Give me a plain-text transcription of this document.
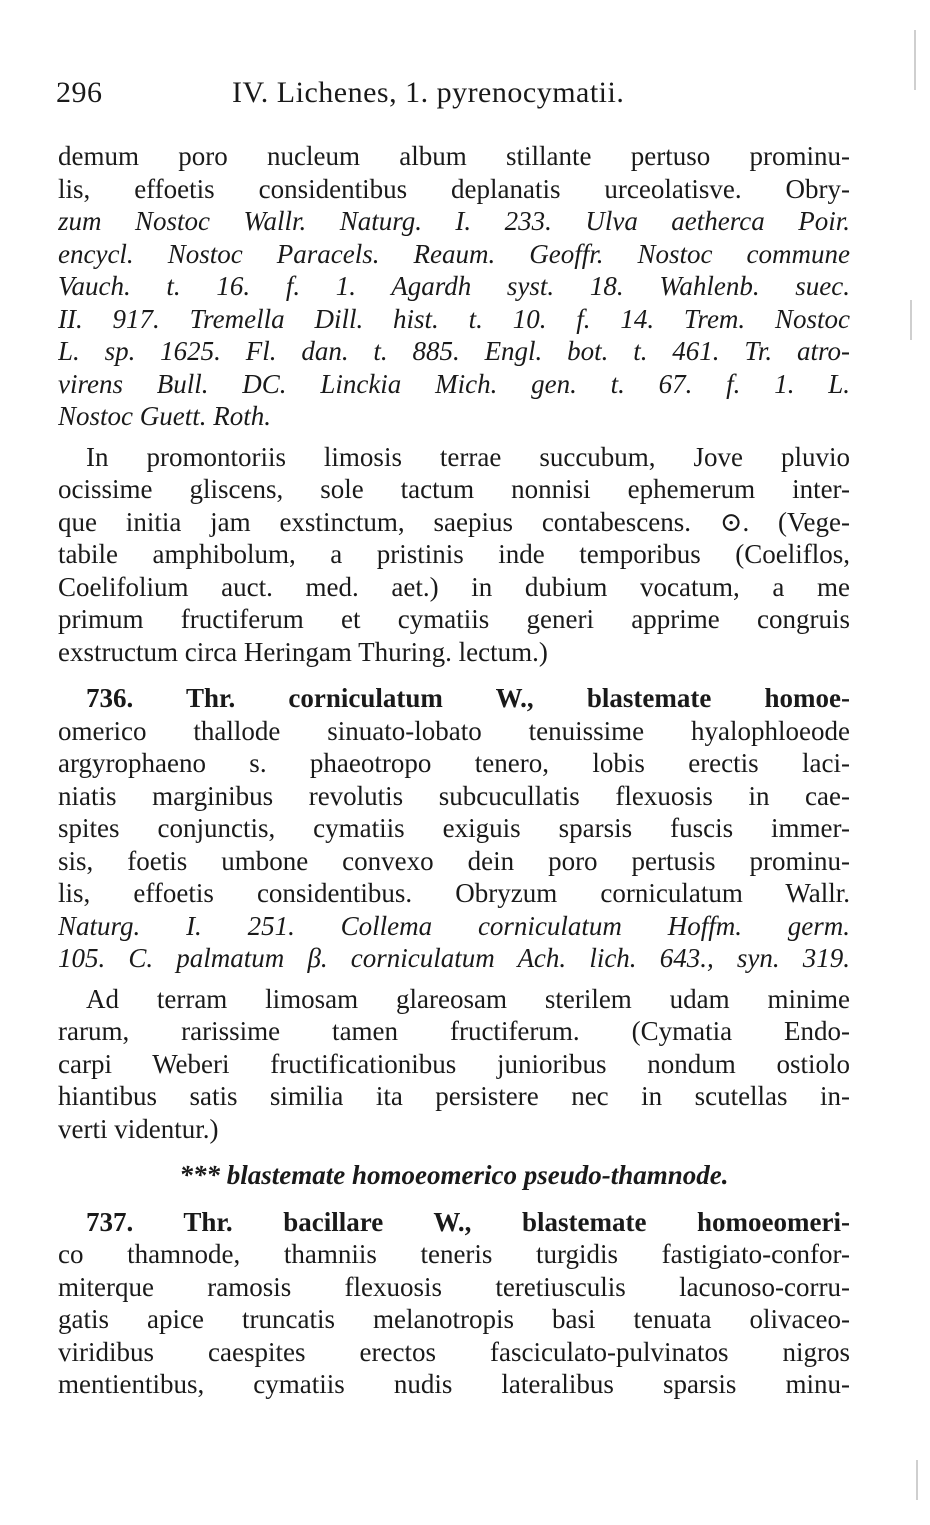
296	IV. Lichenes, 1. pyrenocymatii.
demum poro nucleum album stillante pertuso prominu-
lis, effoetis considentibus deplanatis urceolatisve. Obry-
zum Nostoc Wallr. Naturg. I. 233. Ulva aetherca Poir.
encycl. Nostoc Paracels. Reaum. Geoffr. Nostoc commune
Vauch. t. 16. f. 1. Agardh syst. 18. Wahlenb. suec.
II. 917. Tremella Dill. hist. t. 10. f. 14. Trem. Nostoc
L. sp. 1625. Fl. dan. t. 885. Engl. bot. t. 461. Tr. atro-
virens Bull. DC. Linckia Mich. gen. t. 67. f. 1. L.
Nostoc Guett. Roth.
In promontoriis limosis terrae succubum, Jove pluvio
ocissime gliscens, sole tactum nonnisi ephemerum inter-
que initia jam exstinctum, saepius contabescens. ⊙. (Vege-
tabile amphibolum, a pristinis inde temporibus (Coeliflos,
Coelifolium auct. med. aet.) in dubium vocatum, a me
primum fructiferum et cymatiis generi apprime congruis
exstructum circa Heringam Thuring. lectum.)
736. Thr. corniculatum W., blastemate homoe-
omerico thallode sinuato-lobato tenuissime hyalophloeode
argyrophaeno s. phaeotropo tenero, lobis erectis laci-
niatis marginibus revolutis subcucullatis flexuosis in cae-
spites conjunctis, cymatiis exiguis sparsis fuscis immer-
sis, foetis umbone convexo dein poro pertusis prominu-
lis, effoetis considentibus. Obryzum corniculatum Wallr.
Naturg. I. 251. Collema corniculatum Hoffm. germ.
105. C. palmatum β. corniculatum Ach. lich. 643., syn. 319.
Ad terram limosam glareosam sterilem udam minime
rarum, rarissime tamen fructiferum. (Cymatia Endo-
carpi Weberi fructificationibus junioribus nondum ostiolo
hiantibus satis similia ita persistere nec in scutellas in-
verti videntur.)
*** blastemate homoeomerico pseudo-thamnode.
737. Thr. bacillare W., blastemate homoeomeri-
co thamnode, thamniis teneris turgidis fastigiato-confor-
miterque ramosis flexuosis teretiusculis lacunoso-corru-
gatis apice truncatis melanotropis basi tenuata olivaceo-
viridibus caespites erectos fasciculato-pulvinatos nigros
mentientibus, cymatiis nudis lateralibus sparsis minu-
